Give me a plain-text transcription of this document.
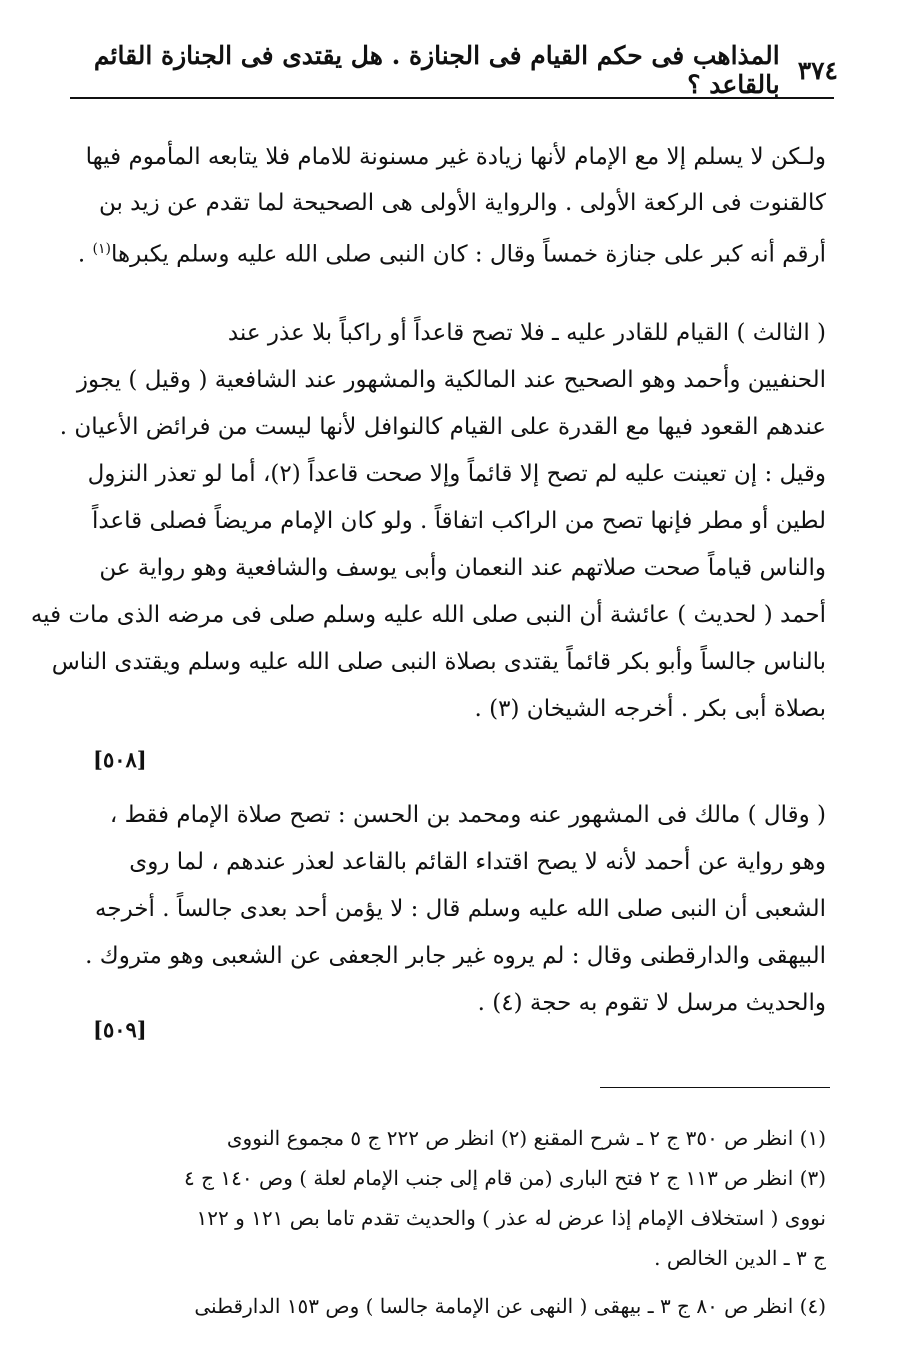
٣٧٤
المذاهب فى حكم القيام فى الجنازة . هل يقتدى فى الجنازة القائم بالقاعد ؟
ولـكن لا يسلم إلا مع الإمام لأنها زيادة غير مسنونة للامام فلا يتابعه المأموم فيها
كالقنوت فى الركعة الأولى . والرواية الأولى هى الصحيحة لما تقدم عن زيد بن
أرقم أنه كبر على جنازة خمساً وقال : كان النبى صلى الله عليه وسلم يكبرها$^{(١)}$ .
( الثالث ) القيام للقادر عليه ـ فلا تصح قاعداً أو راكباً بلا عذر عند
الحنفيين وأحمد وهو الصحيح عند المالكية والمشهور عند الشافعية ( وقيل ) يجوز
عندهم القعود فيها مع القدرة على القيام كالنوافل لأنها ليست من فرائض الأعيان .
وقيل : إن تعينت عليه لم تصح إلا قائماً وإلا صحت قاعداً (٢)، أما لو تعذر النزول
لطين أو مطر فإنها تصح من الراكب اتفاقاً . ولو كان الإمام مريضاً فصلى قاعداً
والناس قياماً صحت صلاتهم عند النعمان وأبى يوسف والشافعية وهو رواية عن
أحمد ( لحديث ) عائشة أن النبى صلى الله عليه وسلم صلى فى مرضه الذى مات فيه
بالناس جالساً وأبو بكر قائماً يقتدى بصلاة النبى صلى الله عليه وسلم ويقتدى الناس
بصلاة أبى بكر . أخرجه الشيخان (٣) .
[٥٠٨]
( وقال ) مالك فى المشهور عنه ومحمد بن الحسن : تصح صلاة الإمام فقط ،
وهو رواية عن أحمد لأنه لا يصح اقتداء القائم بالقاعد لعذر عندهم ، لما روى
الشعبى أن النبى صلى الله عليه وسلم قال : لا يؤمن أحد بعدى جالساً . أخرجه
البيهقى والدارقطنى وقال : لم يروه غير جابر الجعفى عن الشعبى وهو متروك .
والحديث مرسل لا تقوم به حجة (٤) .
[٥٠٩]
(١) انظر ص ٣٥٠ ج ٢ ـ شرح المقنع (٢) انظر ص ٢٢٢ ج ٥ مجموع النووى
(٣) انظر ص ١١٣ ج ٢ فتح البارى (من قام إلى جنب الإمام لعلة ) وص ١٤٠ ج ٤
نووى ( استخلاف الإمام إذا عرض له عذر ) والحديث تقدم تاما بص ١٢١ و ١٢٢
ج ٣ ـ الدين الخالص .
(٤) انظر ص ٨٠ ج ٣ ـ بيهقى ( النهى عن الإمامة جالسا ) وص ١٥٣ الدارقطنى
